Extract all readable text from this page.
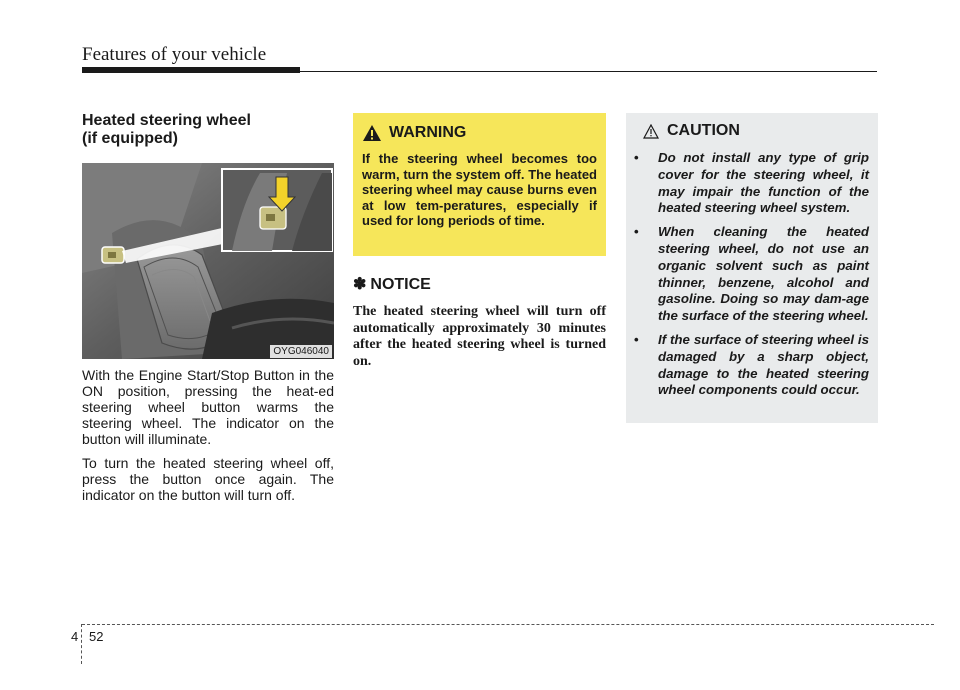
Features of your vehicle
Heated steering wheel
(if equipped)
OYG046040

With the Engine Start/Stop Button in the ON position, pressing the heat-ed steering wheel button warms the steering wheel. The indicator on the button will illuminate.

To turn the heated steering wheel off, press the button once again. The indicator on the button will turn off.

WARNING
If the steering wheel becomes too warm, turn the system off. The heated steering wheel may cause burns even at low tem-peratures, especially if used for long periods of time.
✽ NOTICE
The heated steering wheel will turn off automatically approximately 30 minutes after the heated steering wheel is turned on.
CAUTION
• Do not install any type of grip cover for the steering wheel, it may impair the function of the heated steering wheel system.
• When cleaning the heated steering wheel, do not use an organic solvent such as paint thinner, benzene, alcohol and gasoline. Doing so may dam-age the surface of the steering wheel.
• If the surface of steering wheel is damaged by a sharp object, damage to the heated steering wheel components could occur.
4 52
